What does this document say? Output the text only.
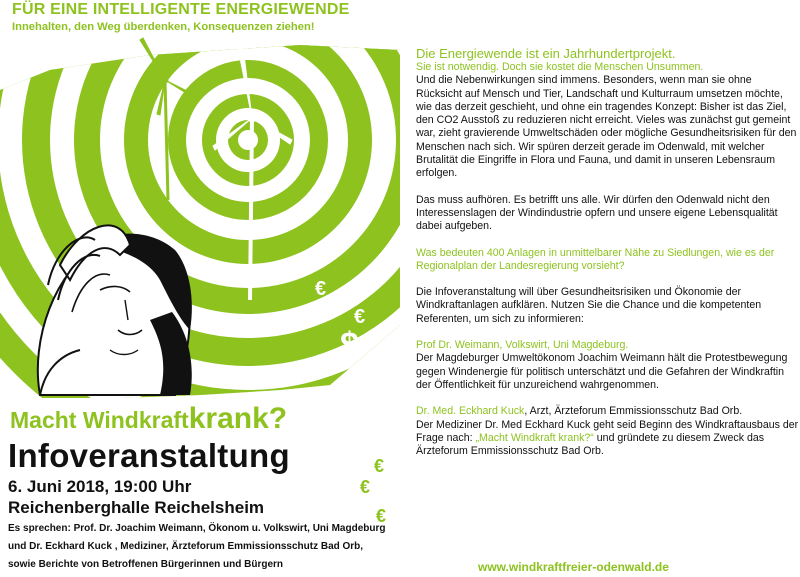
€
€
$
€
€
€
€
FÜR EINE INTELLIGENTE ENERGIEWENDE
Innehalten, den Weg überdenken, Konsequenzen ziehen!
Macht Windkraftkrank?
Infoveranstaltung
6. Juni 2018, 19:00 Uhr
Reichenberghalle Reichelsheim
Es sprechen: Prof. Dr. Joachim Weimann, Ökonom u. Volkswirt, Uni Magdeburg
und Dr. Eckhard Kuck , Mediziner, Ärzteforum Emmissionsschutz Bad Orb,
sowie Berichte von Betroffenen Bürgerinnen und Bürgern
Die Energiewende ist ein Jahrhundertprojekt.
Sie ist notwendig. Doch sie kostet die Menschen Unsummen.
Und die Nebenwirkungen sind immens. Besonders, wenn man sie ohne Rücksicht auf Mensch und Tier, Landschaft und Kulturraum umsetzen möchte, wie das derzeit geschieht, und ohne ein tragendes Konzept: Bisher ist das Ziel, den CO2 Ausstoß zu reduzieren nicht erreicht. Vieles was zunächst gut gemeint war, zieht gravierende Umweltschäden oder mögliche Gesundheitsrisiken für den Menschen nach sich. Wir spüren derzeit gerade im Odenwald, mit welcher Brutalität die Eingriffe in Flora und Fauna, und damit in unseren Lebensraum erfolgen.
Das muss aufhören. Es betrifft uns alle. Wir dürfen den Odenwald nicht den Interessenslagen der Windindustrie opfern und unsere eigene Lebensqualität dabei aufgeben.
Was bedeuten 400 Anlagen in unmittelbarer Nähe zu Siedlungen, wie es der Regionalplan der Landesregierung vorsieht?
Die Infoveranstaltung will über Gesundheitsrisiken und Ökonomie der Windkraftanlagen aufklären. Nutzen Sie die Chance und die kompetenten Referenten, um sich zu informieren:
Prof Dr. Weimann, Volkswirt, Uni Magdeburg.
Der Magdeburger Umweltökonom Joachim Weimann hält die Protestbewegung gegen Windenergie für politisch unterschätzt und die Gefahren der Windkraftin der Öffentlichkeit für unzureichend wahrgenommen.
Dr. Med. Eckhard Kuck, Arzt, Ärzteforum Emmissionsschutz Bad Orb.
Der Mediziner Dr. Med Eckhard Kuck geht seid Beginn des Windkraftausbaus der Frage nach: „Macht Windkraft krank?“ und gründete zu diesem Zweck das Ärzteforum Emmissionsschutz Bad Orb.
www.windkraftfreier-odenwald.de
